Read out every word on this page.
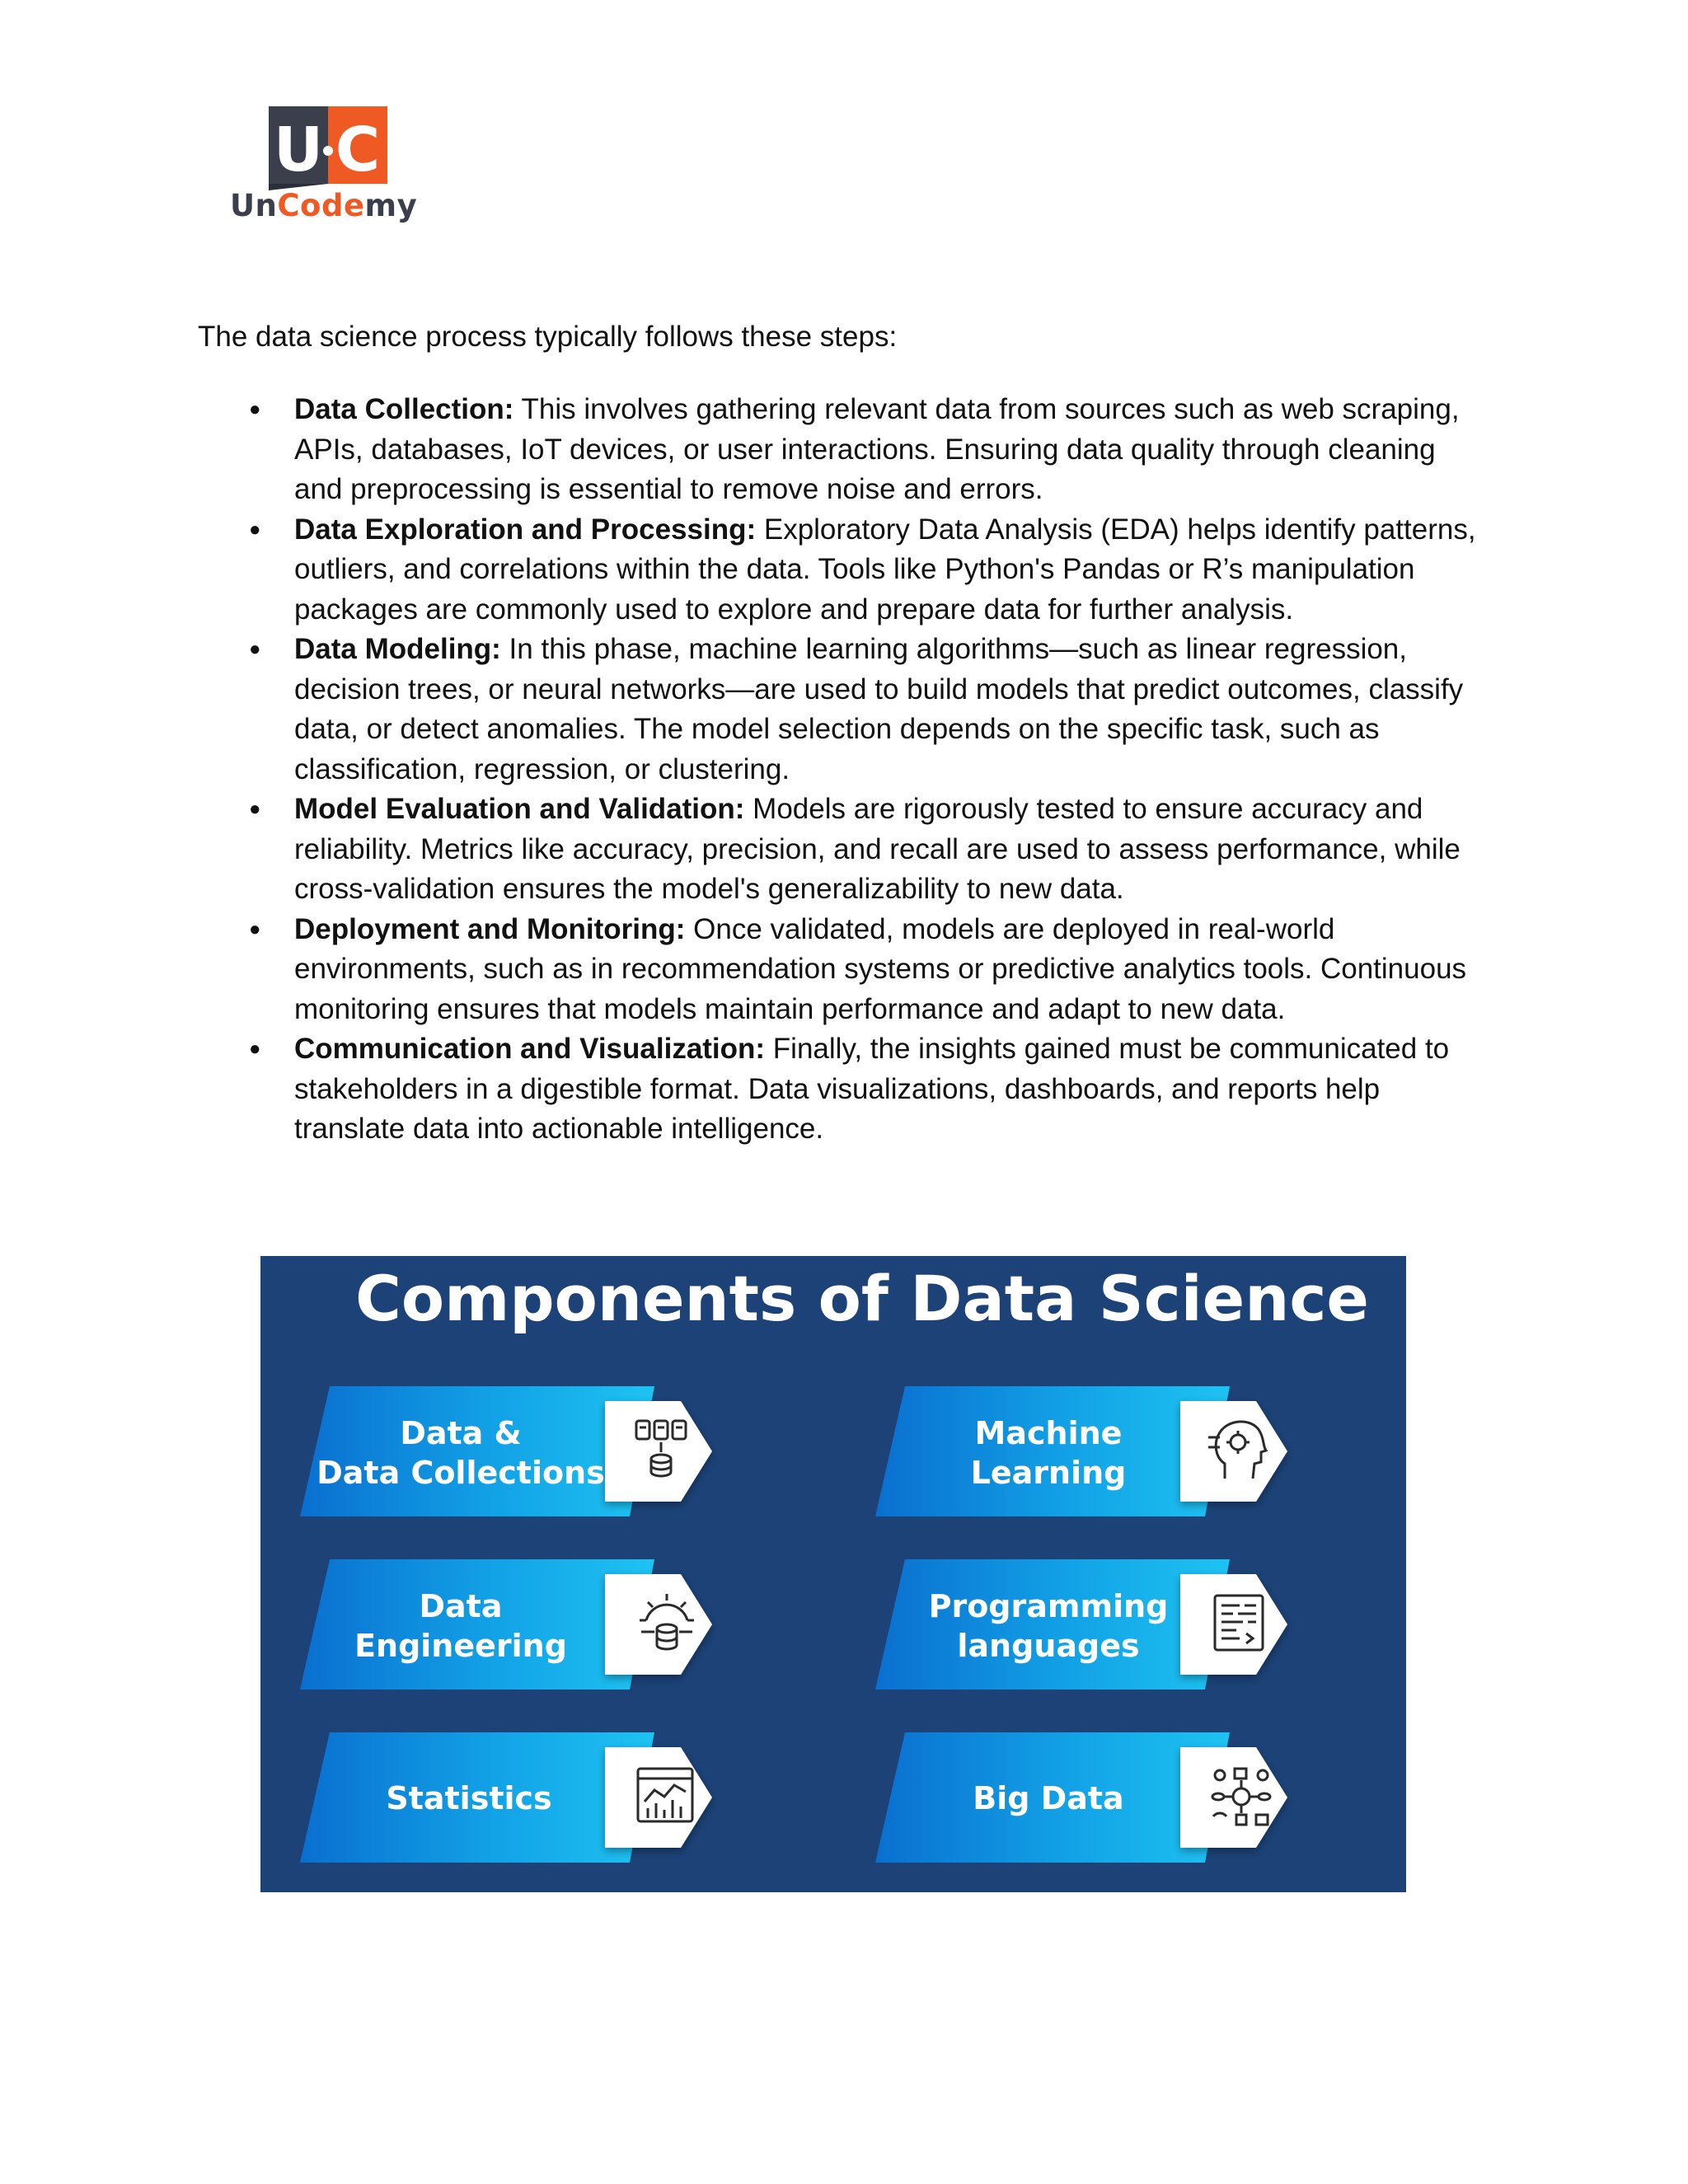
U C
UnCodemy

The data science process typically follows these steps:

● Data Collection: This involves gathering relevant data from sources such as web scraping, APIs, databases, IoT devices, or user interactions. Ensuring data quality through cleaning and preprocessing is essential to remove noise and errors.
● Data Exploration and Processing: Exploratory Data Analysis (EDA) helps identify patterns, outliers, and correlations within the data. Tools like Python's Pandas or R’s manipulation packages are commonly used to explore and prepare data for further analysis.
● Data Modeling: In this phase, machine learning algorithms—such as linear regression, decision trees, or neural networks—are used to build models that predict outcomes, classify data, or detect anomalies. The model selection depends on the specific task, such as classification, regression, or clustering.
● Model Evaluation and Validation: Models are rigorously tested to ensure accuracy and reliability. Metrics like accuracy, precision, and recall are used to assess performance, while cross-validation ensures the model's generalizability to new data.
● Deployment and Monitoring: Once validated, models are deployed in real-world environments, such as in recommendation systems or predictive analytics tools. Continuous monitoring ensures that models maintain performance and adapt to new data.
● Communication and Visualization: Finally, the insights gained must be communicated to stakeholders in a digestible format. Data visualizations, dashboards, and reports help translate data into actionable intelligence.
Components of Data Science
Data &
Data Collections
Machine
Learning
Data
Engineering
Programming
languages
Statistics	Big Data
